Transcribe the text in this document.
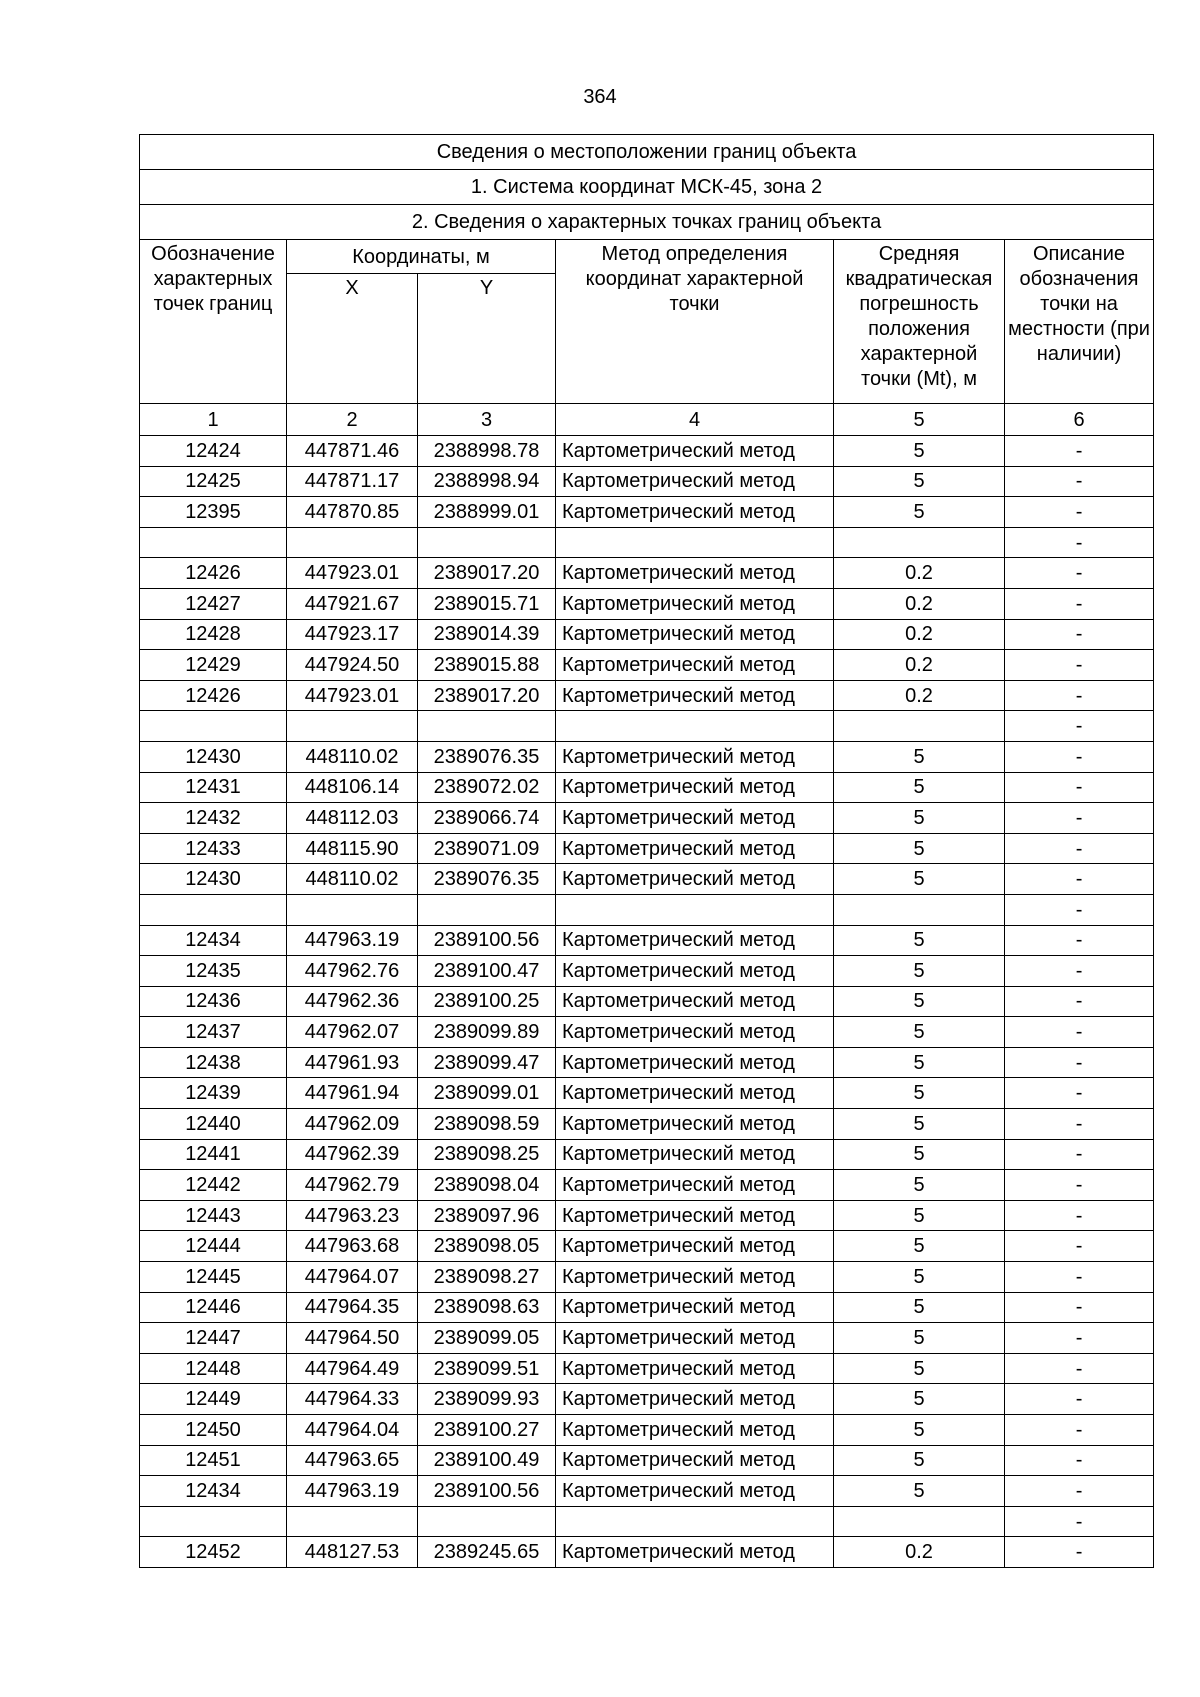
364
Сведения о местоположении границ объекта					
1. Система координат МСК-45, зона 2					
2. Сведения о характерных точках границ объекта					
Обозначение характерных точек границ	Координаты, м		Метод определения координат характерной точки	Средняя квадратическая погрешность положения характерной точки (Mt), м	Описание обозначения точки на местности (при наличии)
	X	Y			
1	2	3	4	5	6
12424	447871.46	2388998.78	Картометрический метод	5	-
12425	447871.17	2388998.94	Картометрический метод	5	-
12395	447870.85	2388999.01	Картометрический метод	5	-
					-
12426	447923.01	2389017.20	Картометрический метод	0.2	-
12427	447921.67	2389015.71	Картометрический метод	0.2	-
12428	447923.17	2389014.39	Картометрический метод	0.2	-
12429	447924.50	2389015.88	Картометрический метод	0.2	-
12426	447923.01	2389017.20	Картометрический метод	0.2	-
					-
12430	448110.02	2389076.35	Картометрический метод	5	-
12431	448106.14	2389072.02	Картометрический метод	5	-
12432	448112.03	2389066.74	Картометрический метод	5	-
12433	448115.90	2389071.09	Картометрический метод	5	-
12430	448110.02	2389076.35	Картометрический метод	5	-
					-
12434	447963.19	2389100.56	Картометрический метод	5	-
12435	447962.76	2389100.47	Картометрический метод	5	-
12436	447962.36	2389100.25	Картометрический метод	5	-
12437	447962.07	2389099.89	Картометрический метод	5	-
12438	447961.93	2389099.47	Картометрический метод	5	-
12439	447961.94	2389099.01	Картометрический метод	5	-
12440	447962.09	2389098.59	Картометрический метод	5	-
12441	447962.39	2389098.25	Картометрический метод	5	-
12442	447962.79	2389098.04	Картометрический метод	5	-
12443	447963.23	2389097.96	Картометрический метод	5	-
12444	447963.68	2389098.05	Картометрический метод	5	-
12445	447964.07	2389098.27	Картометрический метод	5	-
12446	447964.35	2389098.63	Картометрический метод	5	-
12447	447964.50	2389099.05	Картометрический метод	5	-
12448	447964.49	2389099.51	Картометрический метод	5	-
12449	447964.33	2389099.93	Картометрический метод	5	-
12450	447964.04	2389100.27	Картометрический метод	5	-
12451	447963.65	2389100.49	Картометрический метод	5	-
12434	447963.19	2389100.56	Картометрический метод	5	-
					-
12452	448127.53	2389245.65	Картометрический метод	0.2	-
